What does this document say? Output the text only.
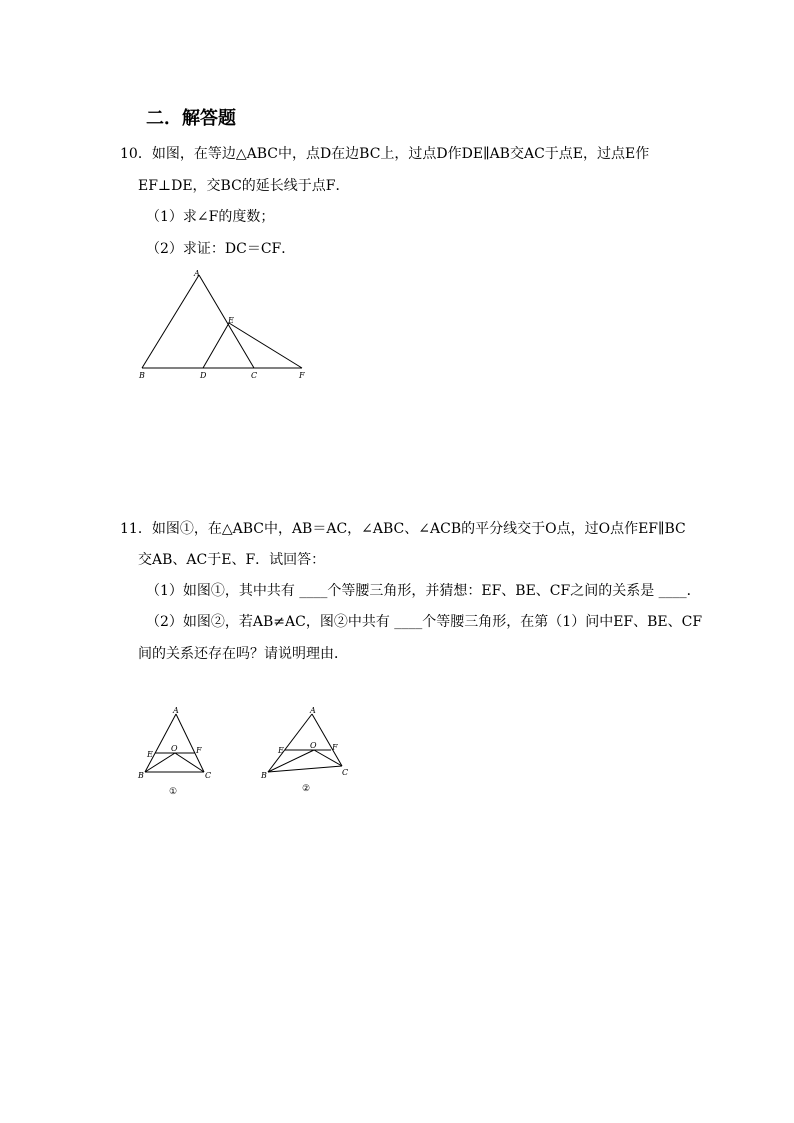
二．解答题
10．如图，在等边△ABC中，点D在边BC上，过点D作DE∥AB交AC于点E，过点E作
EF⊥DE，交BC的延长线于点F．
（1）求∠F的度数；
（2）求证：DC＝CF．
A
B	D	C	F
E
11．如图①，在△ABC中，AB＝AC，∠ABC、∠ACB的平分线交于O点，过O点作EF∥BC
交AB、AC于E、F．试回答：
（1）如图①，其中共有 ____个等腰三角形，并猜想：EF、BE、CF之间的关系是 ____．
（2）如图②，若AB≠AC，图②中共有 ____个等腰三角形，在第（1）问中EF、BE、CF
间的关系还存在吗？请说明理由．
A
E
O F
B	C
①
A
E
O F
B	C
②
